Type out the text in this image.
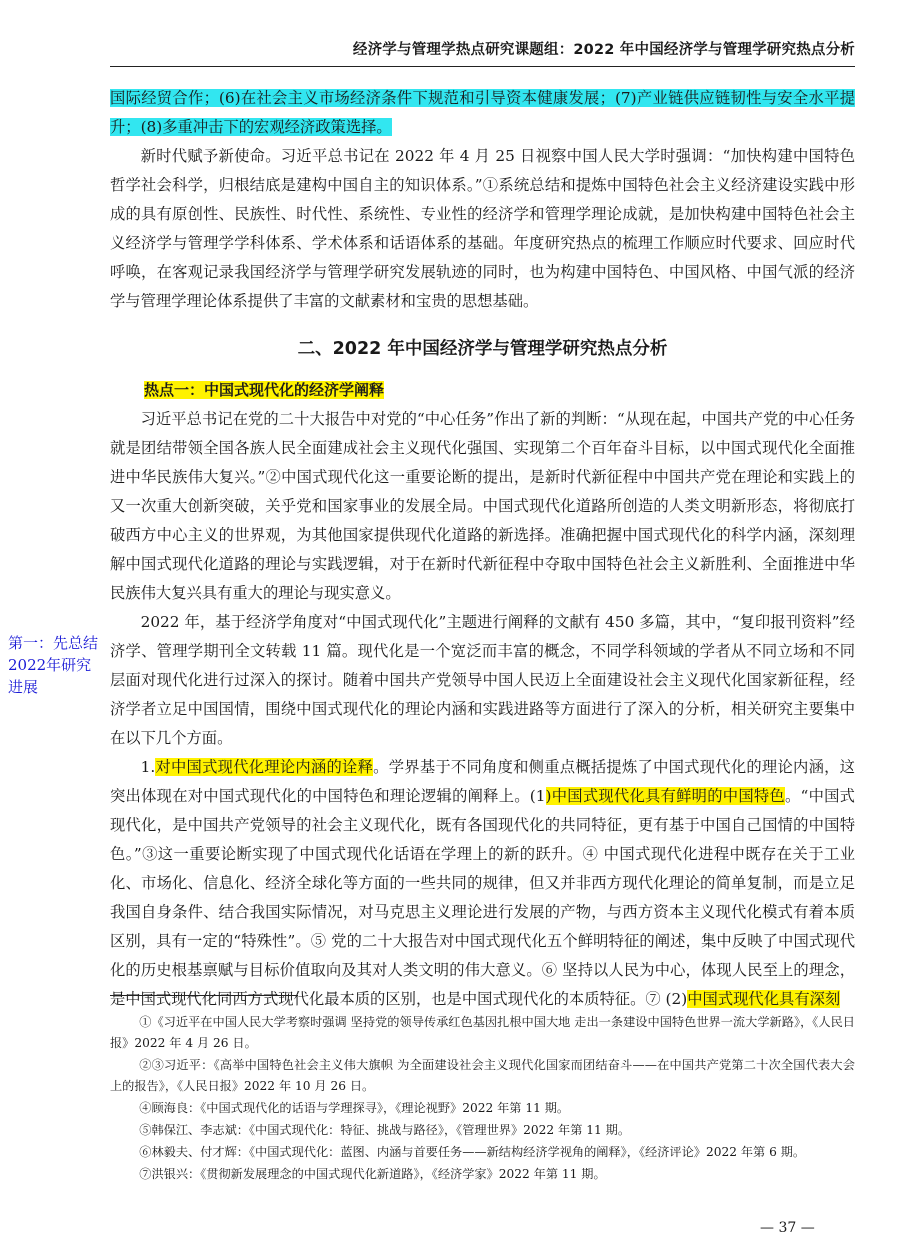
经济学与管理学热点研究课题组：2022 年中国经济学与管理学研究热点分析

国际经贸合作；(6)在社会主义市场经济条件下规范和引导资本健康发展；(7)产业链供应链韧性与安全水平提升；(8)多重冲击下的宏观经济政策选择。

新时代赋予新使命。习近平总书记在 2022 年 4 月 25 日视察中国人民大学时强调：“加快构建中国特色哲学社会科学，归根结底是建构中国自主的知识体系。”①系统总结和提炼中国特色社会主义经济建设实践中形成的具有原创性、民族性、时代性、系统性、专业性的经济学和管理学理论成就，是加快构建中国特色社会主义经济学与管理学学科体系、学术体系和话语体系的基础。年度研究热点的梳理工作顺应时代要求、回应时代呼唤，在客观记录我国经济学与管理学研究发展轨迹的同时，也为构建中国特色、中国风格、中国气派的经济学与管理学理论体系提供了丰富的文献素材和宝贵的思想基础。

二、2022 年中国经济学与管理学研究热点分析
热点一：中国式现代化的经济学阐释

习近平总书记在党的二十大报告中对党的“中心任务”作出了新的判断：“从现在起，中国共产党的中心任务就是团结带领全国各族人民全面建成社会主义现代化强国、实现第二个百年奋斗目标，以中国式现代化全面推进中华民族伟大复兴。”②中国式现代化这一重要论断的提出，是新时代新征程中中国共产党在理论和实践上的又一次重大创新突破，关乎党和国家事业的发展全局。中国式现代化道路所创造的人类文明新形态，将彻底打破西方中心主义的世界观，为其他国家提供现代化道路的新选择。准确把握中国式现代化的科学内涵，深刻理解中国式现代化道路的理论与实践逻辑，对于在新时代新征程中夺取中国特色社会主义新胜利、全面推进中华民族伟大复兴具有重大的理论与现实意义。

2022 年，基于经济学角度对“中国式现代化”主题进行阐释的文献有 450 多篇，其中，“复印报刊资料”经济学、管理学期刊全文转载 11 篇。现代化是一个宽泛而丰富的概念，不同学科领域的学者从不同立场和不同层面对现代化进行过深入的探讨。随着中国共产党领导中国人民迈上全面建设社会主义现代化国家新征程，经济学者立足中国国情，围绕中国式现代化的理论内涵和实践进路等方面进行了深入的分析，相关研究主要集中在以下几个方面。

1.对中国式现代化理论内涵的诠释。学界基于不同角度和侧重点概括提炼了中国式现代化的理论内涵，这突出体现在对中国式现代化的中国特色和理论逻辑的阐释上。(1)中国式现代化具有鲜明的中国特色。“中国式现代化，是中国共产党领导的社会主义现代化，既有各国现代化的共同特征，更有基于中国自己国情的中国特色。”③这一重要论断实现了中国式现代化话语在学理上的新的跃升。④ 中国式现代化进程中既存在关于工业化、市场化、信息化、经济全球化等方面的一些共同的规律，但又并非西方现代化理论的简单复制，而是立足我国自身条件、结合我国实际情况，对马克思主义理论进行发展的产物，与西方资本主义现代化模式有着本质区别，具有一定的“特殊性”。⑤ 党的二十大报告对中国式现代化五个鲜明特征的阐述，集中反映了中国式现代化的历史根基禀赋与目标价值取向及其对人类文明的伟大意义。⑥ 坚持以人民为中心，体现人民至上的理念，是中国式现代化同西方式现代化最本质的区别，也是中国式现代化的本质特征。⑦ (2)中国式现代化具有深刻

第一：先总结2022年研究进展

①《习近平在中国人民大学考察时强调 坚持党的领导传承红色基因扎根中国大地 走出一条建设中国特色世界一流大学新路》，《人民日报》2022 年 4 月 26 日。

②③习近平：《高举中国特色社会主义伟大旗帜 为全面建设社会主义现代化国家而团结奋斗——在中国共产党第二十次全国代表大会上的报告》，《人民日报》2022 年 10 月 26 日。

④顾海良：《中国式现代化的话语与学理探寻》，《理论视野》2022 年第 11 期。

⑤韩保江、李志斌：《中国式现代化：特征、挑战与路径》，《管理世界》2022 年第 11 期。

⑥林毅夫、付才辉：《中国式现代化：蓝图、内涵与首要任务——新结构经济学视角的阐释》，《经济评论》2022 年第 6 期。

⑦洪银兴：《贯彻新发展理念的中国式现代化新道路》，《经济学家》2022 年第 11 期。

— 37 —
